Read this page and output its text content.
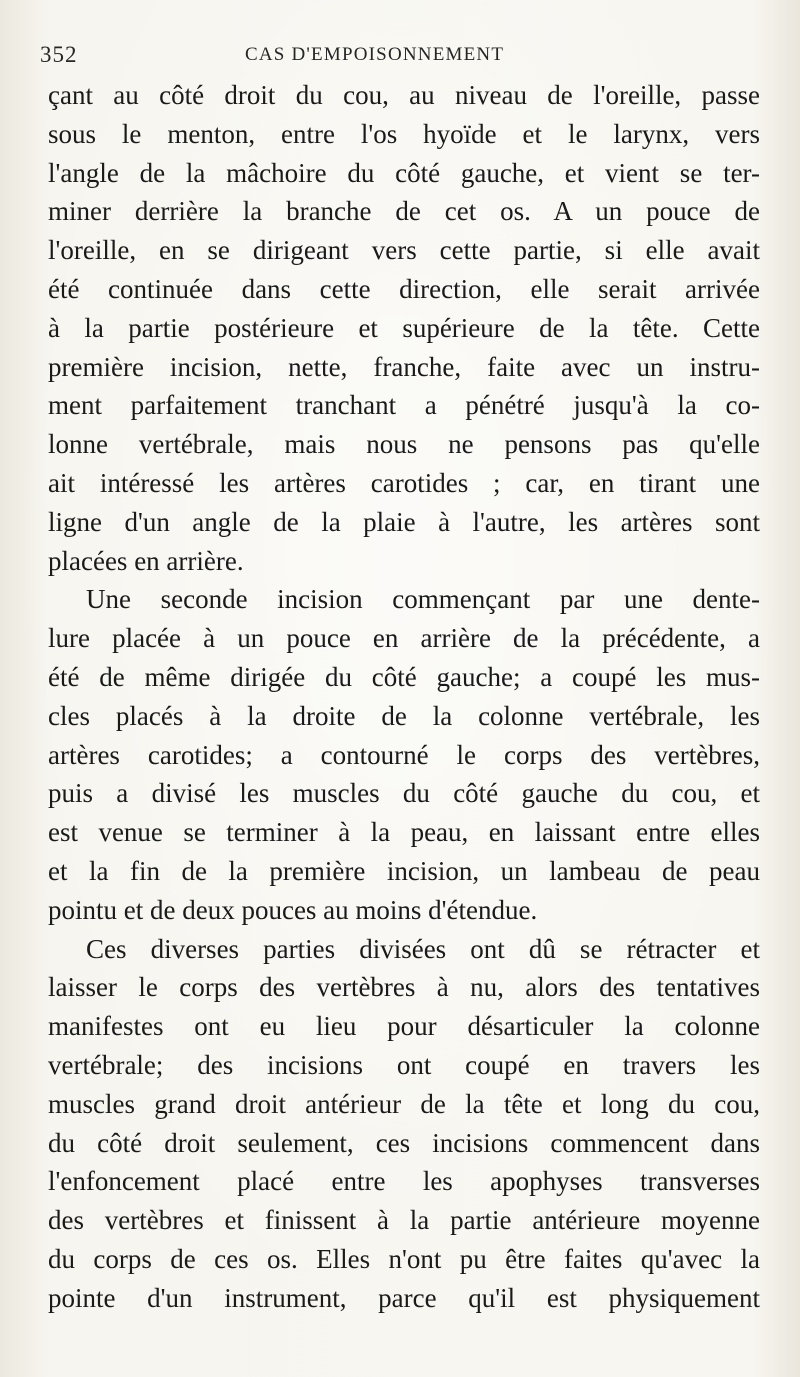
352	CAS D'EMPOISONNEMENT
çant au côté droit du cou, au niveau de l'oreille, passe
sous le menton, entre l'os hyoïde et le larynx, vers
l'angle de la mâchoire du côté gauche, et vient se ter-
miner derrière la branche de cet os. A un pouce de
l'oreille, en se dirigeant vers cette partie, si elle avait
été continuée dans cette direction, elle serait arrivée
à la partie postérieure et supérieure de la tête. Cette
première incision, nette, franche, faite avec un instru-
ment parfaitement tranchant a pénétré jusqu'à la co-
lonne vertébrale, mais nous ne pensons pas qu'elle
ait intéressé les artères carotides ; car, en tirant une
ligne d'un angle de la plaie à l'autre, les artères sont
placées en arrière.
Une seconde incision commençant par une dente-
lure placée à un pouce en arrière de la précédente, a
été de même dirigée du côté gauche; a coupé les mus-
cles placés à la droite de la colonne vertébrale, les
artères carotides; a contourné le corps des vertèbres,
puis a divisé les muscles du côté gauche du cou, et
est venue se terminer à la peau, en laissant entre elles
et la fin de la première incision, un lambeau de peau
pointu et de deux pouces au moins d'étendue.
Ces diverses parties divisées ont dû se rétracter et
laisser le corps des vertèbres à nu, alors des tentatives
manifestes ont eu lieu pour désarticuler la colonne
vertébrale; des incisions ont coupé en travers les
muscles grand droit antérieur de la tête et long du cou,
du côté droit seulement, ces incisions commencent dans
l'enfoncement placé entre les apophyses transverses
des vertèbres et finissent à la partie antérieure moyenne
du corps de ces os. Elles n'ont pu être faites qu'avec la
pointe d'un instrument, parce qu'il est physiquement
